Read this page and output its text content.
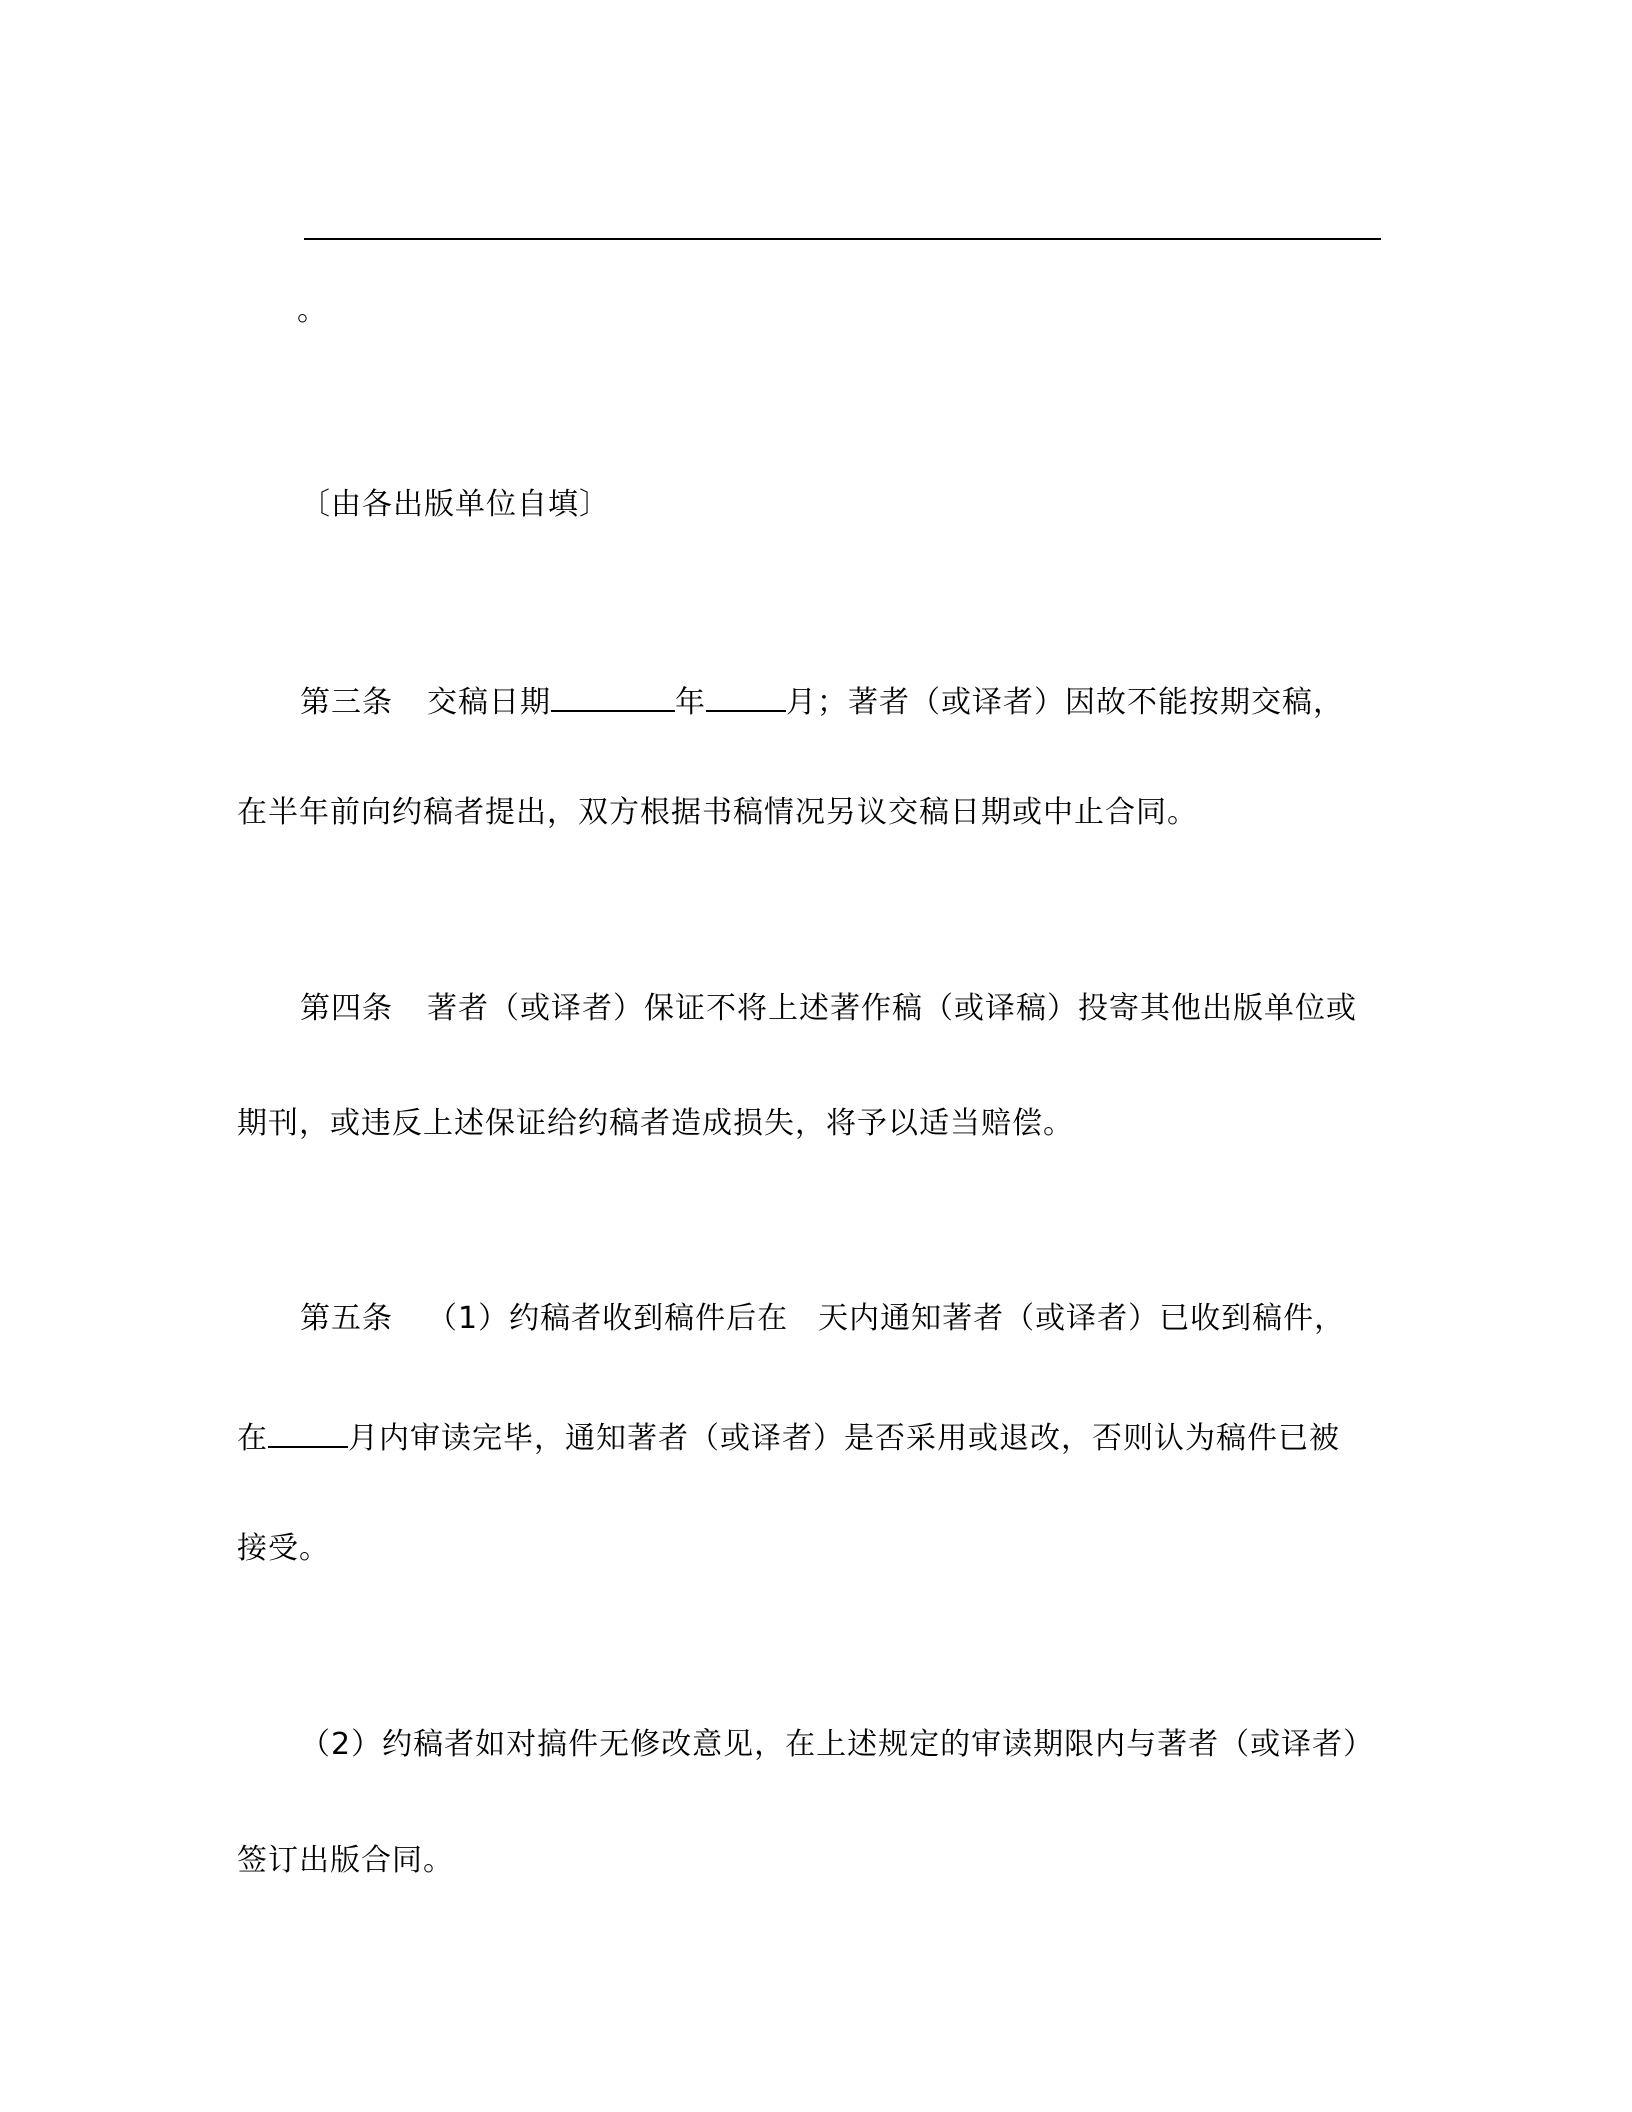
。
〔由各出版单位自填〕
第三条 交稿日期	年	月；著者（或译者）因故不能按期交稿，
在半年前向约稿者提出，双方根据书稿情况另议交稿日期或中止合同。
第四条 著者（或译者）保证不将上述著作稿（或译稿）投寄其他出版单位或
期刊，或违反上述保证给约稿者造成损失，将予以适当赔偿。
第五条 （1）约稿者收到稿件后在 天内通知著者（或译者）已收到稿件，
在	月内审读完毕，通知著者（或译者）是否采用或退改，否则认为稿件已被
接受。
（2）约稿者如对搞件无修改意见，在上述规定的审读期限内与著者（或译者）
签订出版合同。
